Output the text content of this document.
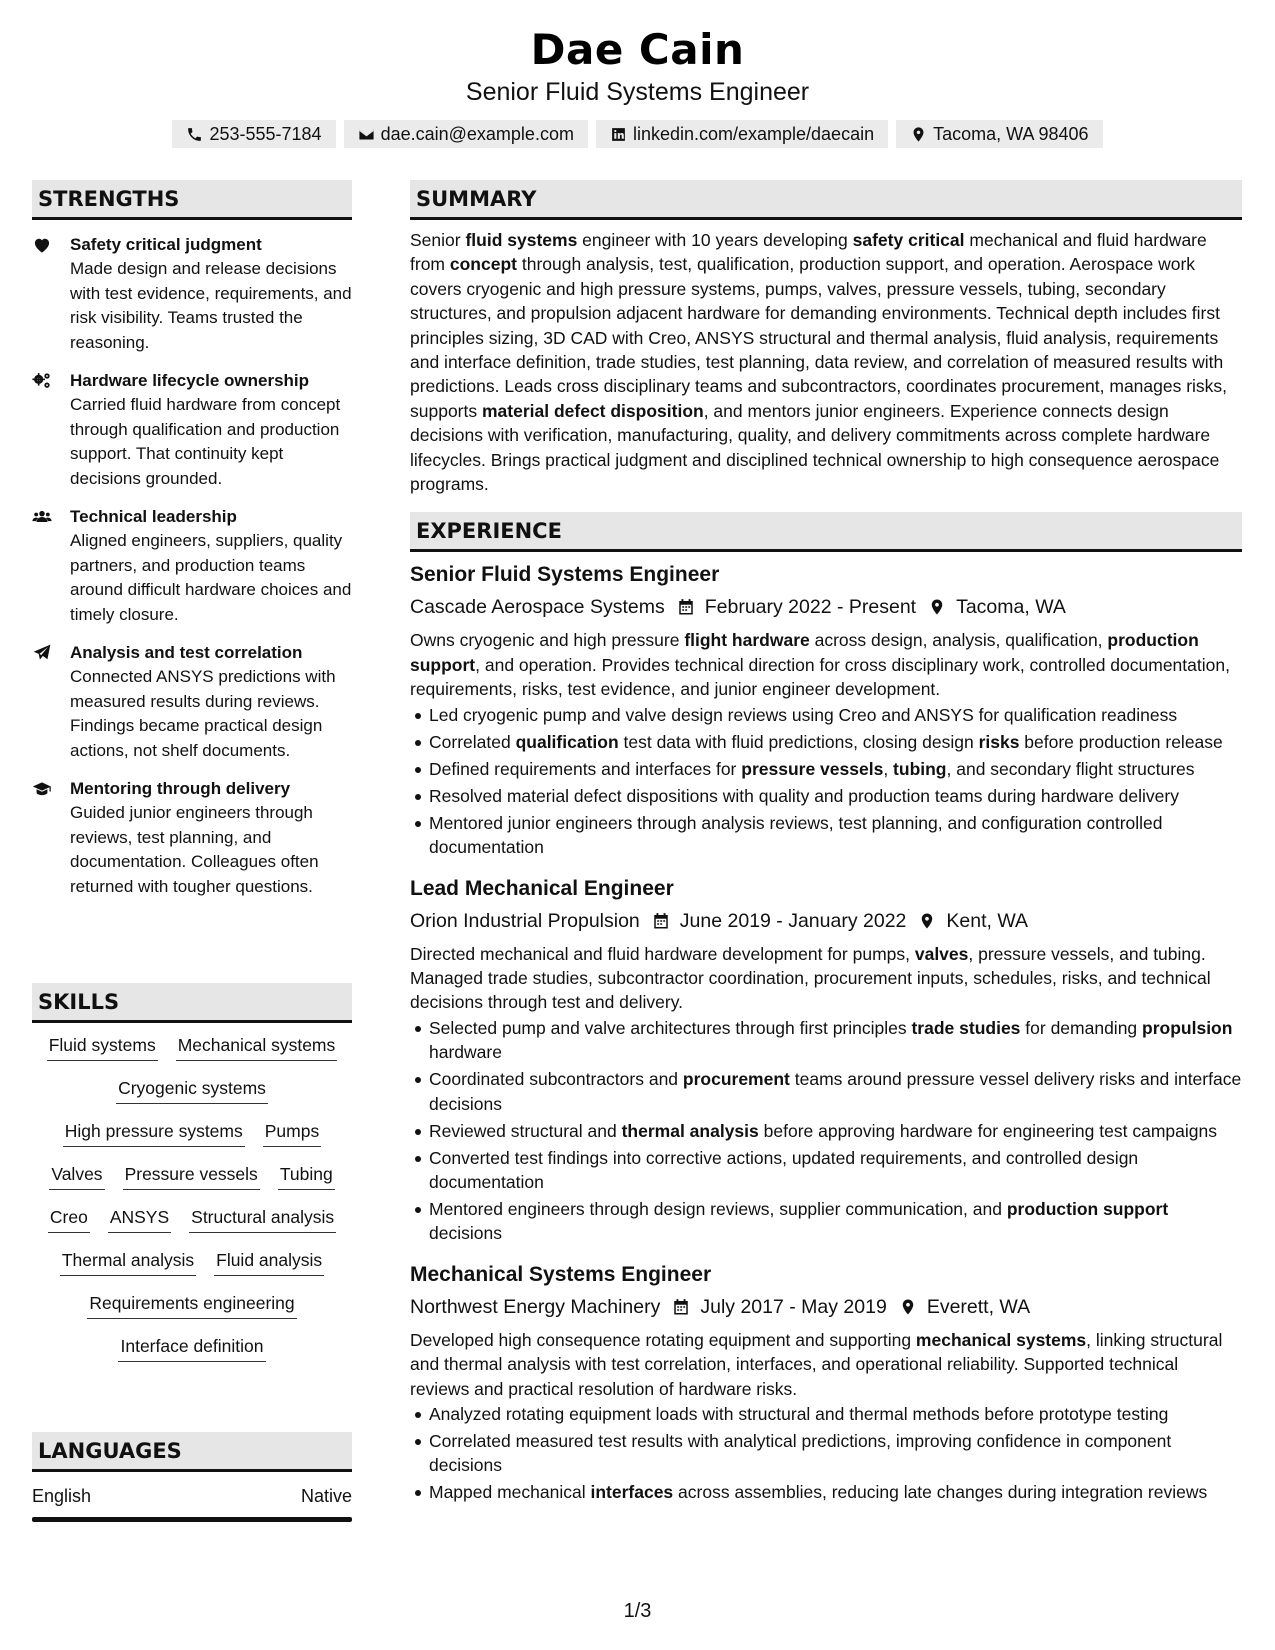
Dae Cain
Senior Fluid Systems Engineer
253-555-7184	dae.cain@example.com	linkedin.com/example/daecain	Tacoma, WA 98406
STRENGTHS
Safety critical judgment
Made design and release decisions with test evidence, requirements, and risk visibility. Teams trusted the reasoning.
Hardware lifecycle ownership
Carried fluid hardware from concept through qualification and production support. That continuity kept decisions grounded.
Technical leadership
Aligned engineers, suppliers, quality partners, and production teams around difficult hardware choices and timely closure.
Analysis and test correlation
Connected ANSYS predictions with measured results during reviews. Findings became practical design actions, not shelf documents.
Mentoring through delivery
Guided junior engineers through reviews, test planning, and documentation. Colleagues often returned with tougher questions.
SKILLS
Fluid systems Mechanical systems
Cryogenic systems
High pressure systems Pumps
Valves Pressure vessels Tubing
Creo ANSYS Structural analysis
Thermal analysis Fluid analysis
Requirements engineering
Interface definition
LANGUAGES
English	Native
SUMMARY
Senior fluid systems engineer with 10 years developing safety critical mechanical and fluid hardware from concept through analysis, test, qualification, production support, and operation. Aerospace work covers cryogenic and high pressure systems, pumps, valves, pressure vessels, tubing, secondary structures, and propulsion adjacent hardware for demanding environments. Technical depth includes first principles sizing, 3D CAD with Creo, ANSYS structural and thermal analysis, fluid analysis, requirements and interface definition, trade studies, test planning, data review, and correlation of measured results with predictions. Leads cross disciplinary teams and subcontractors, coordinates procurement, manages risks, supports material defect disposition, and mentors junior engineers. Experience connects design decisions with verification, manufacturing, quality, and delivery commitments across complete hardware lifecycles. Brings practical judgment and disciplined technical ownership to high consequence aerospace programs.
EXPERIENCE
Senior Fluid Systems Engineer
Cascade Aerospace Systems February 2022 - Present Tacoma, WA
Owns cryogenic and high pressure flight hardware across design, analysis, qualification, production support, and operation. Provides technical direction for cross disciplinary work, controlled documentation, requirements, risks, test evidence, and junior engineer development.
Led cryogenic pump and valve design reviews using Creo and ANSYS for qualification readiness
Correlated qualification test data with fluid predictions, closing design risks before production release
Defined requirements and interfaces for pressure vessels, tubing, and secondary flight structures
Resolved material defect dispositions with quality and production teams during hardware delivery
Mentored junior engineers through analysis reviews, test planning, and configuration controlled documentation
Lead Mechanical Engineer
Orion Industrial Propulsion June 2019 - January 2022 Kent, WA
Directed mechanical and fluid hardware development for pumps, valves, pressure vessels, and tubing. Managed trade studies, subcontractor coordination, procurement inputs, schedules, risks, and technical decisions through test and delivery.
Selected pump and valve architectures through first principles trade studies for demanding propulsion hardware
Coordinated subcontractors and procurement teams around pressure vessel delivery risks and interface decisions
Reviewed structural and thermal analysis before approving hardware for engineering test campaigns
Converted test findings into corrective actions, updated requirements, and controlled design documentation
Mentored engineers through design reviews, supplier communication, and production support decisions
Mechanical Systems Engineer
Northwest Energy Machinery July 2017 - May 2019 Everett, WA
Developed high consequence rotating equipment and supporting mechanical systems, linking structural and thermal analysis with test correlation, interfaces, and operational reliability. Supported technical reviews and practical resolution of hardware risks.
Analyzed rotating equipment loads with structural and thermal methods before prototype testing
Correlated measured test results with analytical predictions, improving confidence in component decisions
Mapped mechanical interfaces across assemblies, reducing late changes during integration reviews
1/3
